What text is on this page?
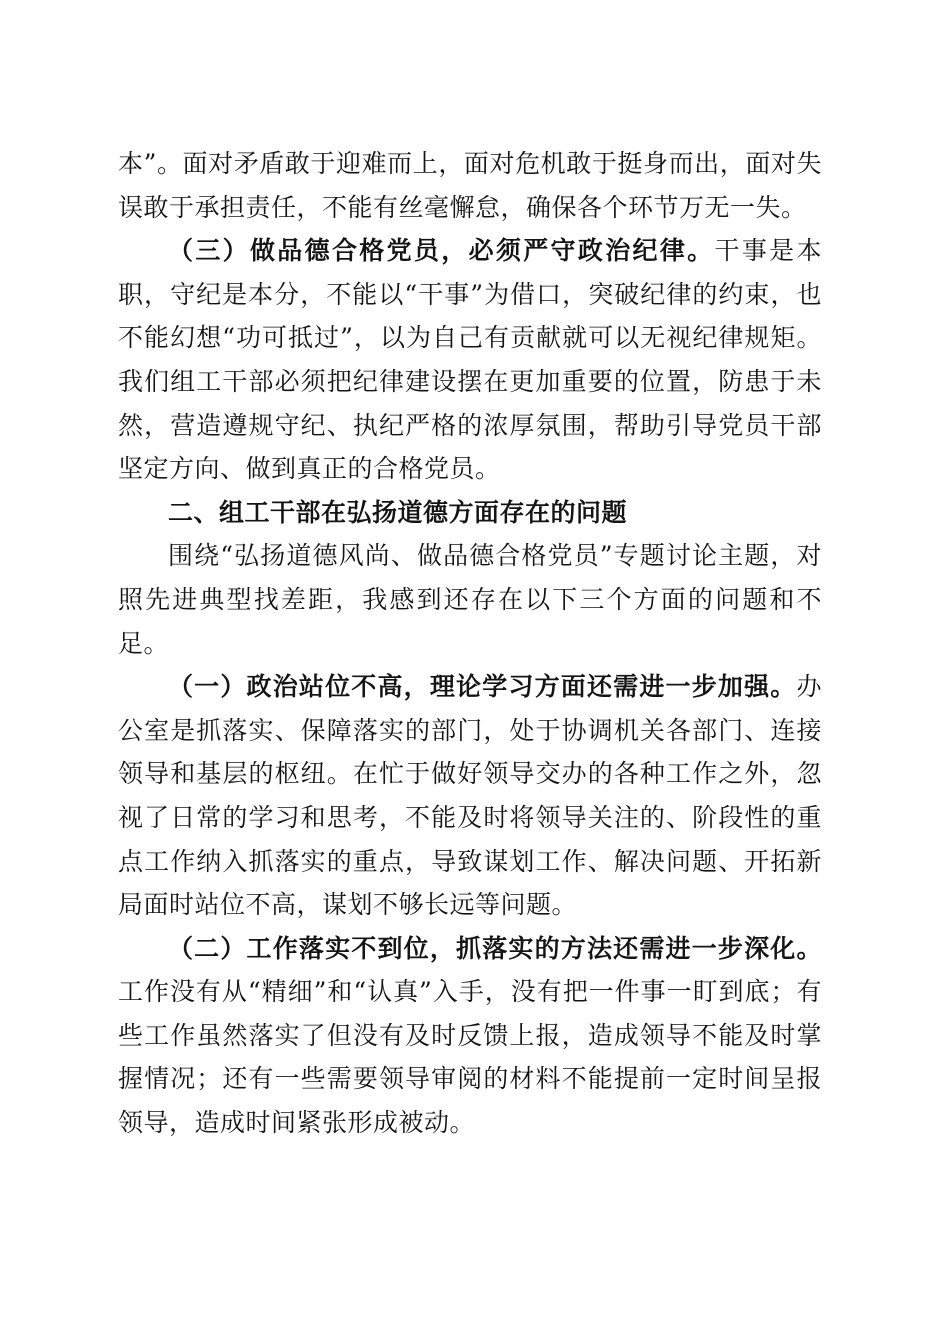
本”。面对矛盾敢于迎难而上，面对危机敢于挺身而出，面对失误敢于承担责任，不能有丝毫懈怠，确保各个环节万无一失。

（三）做品德合格党员，必须严守政治纪律。干事是本职，守纪是本分，不能以“干事”为借口，突破纪律的约束，也不能幻想“功可抵过”，以为自己有贡献就可以无视纪律规矩。我们组工干部必须把纪律建设摆在更加重要的位置，防患于未然，营造遵规守纪、执纪严格的浓厚氛围，帮助引导党员干部坚定方向、做到真正的合格党员。

二、组工干部在弘扬道德方面存在的问题

围绕“弘扬道德风尚、做品德合格党员”专题讨论主题，对照先进典型找差距，我感到还存在以下三个方面的问题和不足。

（一）政治站位不高，理论学习方面还需进一步加强。办公室是抓落实、保障落实的部门，处于协调机关各部门、连接领导和基层的枢纽。在忙于做好领导交办的各种工作之外，忽视了日常的学习和思考，不能及时将领导关注的、阶段性的重点工作纳入抓落实的重点，导致谋划工作、解决问题、开拓新局面时站位不高，谋划不够长远等问题。

（二）工作落实不到位，抓落实的方法还需进一步深化。工作没有从“精细”和“认真”入手，没有把一件事一盯到底；有些工作虽然落实了但没有及时反馈上报，造成领导不能及时掌握情况；还有一些需要领导审阅的材料不能提前一定时间呈报领导，造成时间紧张形成被动。
